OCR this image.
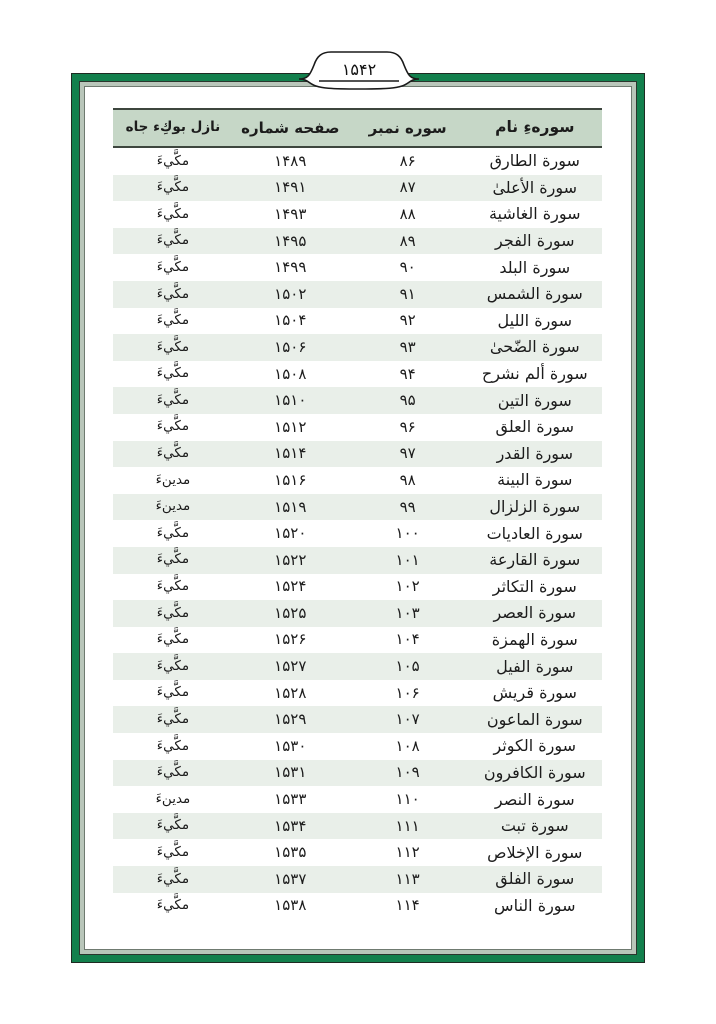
۱۵۴۲
سورهءِ نام
سوره نمبر
صفحه شماره
نازل بوكِء جاه
سورة الطارق
۸۶
۱۴۸۹
مكَّيءَ
سورة الأعلىٰ
۸۷
۱۴۹۱
مكَّيءَ
سورة الغاشية
۸۸
۱۴۹۳
مكَّيءَ
سورة الفجر
۸۹
۱۴۹۵
مكَّيءَ
سورة البلد
۹۰
۱۴۹۹
مكَّيءَ
سورة الشمس
۹۱
۱۵۰۲
مكَّيءَ
سورة الليل
۹۲
۱۵۰۴
مكَّيءَ
سورة الضّحىٰ
۹۳
۱۵۰۶
مكَّيءَ
سورة ألم نشرح
۹۴
۱۵۰۸
مكَّيءَ
سورة التين
۹۵
۱۵۱۰
مكَّيءَ
سورة العلق
۹۶
۱۵۱۲
مكَّيءَ
سورة القدر
۹۷
۱۵۱۴
مكَّيءَ
سورة البينة
۹۸
۱۵۱۶
مدينءَ
سورة الزلزال
۹۹
۱۵۱۹
مدينءَ
سورة العاديات
۱۰۰
۱۵۲۰
مكَّيءَ
سورة القارعة
۱۰۱
۱۵۲۲
مكَّيءَ
سورة التكاثر
۱۰۲
۱۵۲۴
مكَّيءَ
سورة العصر
۱۰۳
۱۵۲۵
مكَّيءَ
سورة الهمزة
۱۰۴
۱۵۲۶
مكَّيءَ
سورة الفيل
۱۰۵
۱۵۲۷
مكَّيءَ
سورة قريش
۱۰۶
۱۵۲۸
مكَّيءَ
سورة الماعون
۱۰۷
۱۵۲۹
مكَّيءَ
سورة الكوثر
۱۰۸
۱۵۳۰
مكَّيءَ
سورة الكافرون
۱۰۹
۱۵۳۱
مكَّيءَ
سورة النصر
۱۱۰
۱۵۳۳
مدينءَ
سورة تبت
۱۱۱
۱۵۳۴
مكَّيءَ
سورة الإخلاص
۱۱۲
۱۵۳۵
مكَّيءَ
سورة الفلق
۱۱۳
۱۵۳۷
مكَّيءَ
سورة الناس
۱۱۴
۱۵۳۸
مكَّيءَ
